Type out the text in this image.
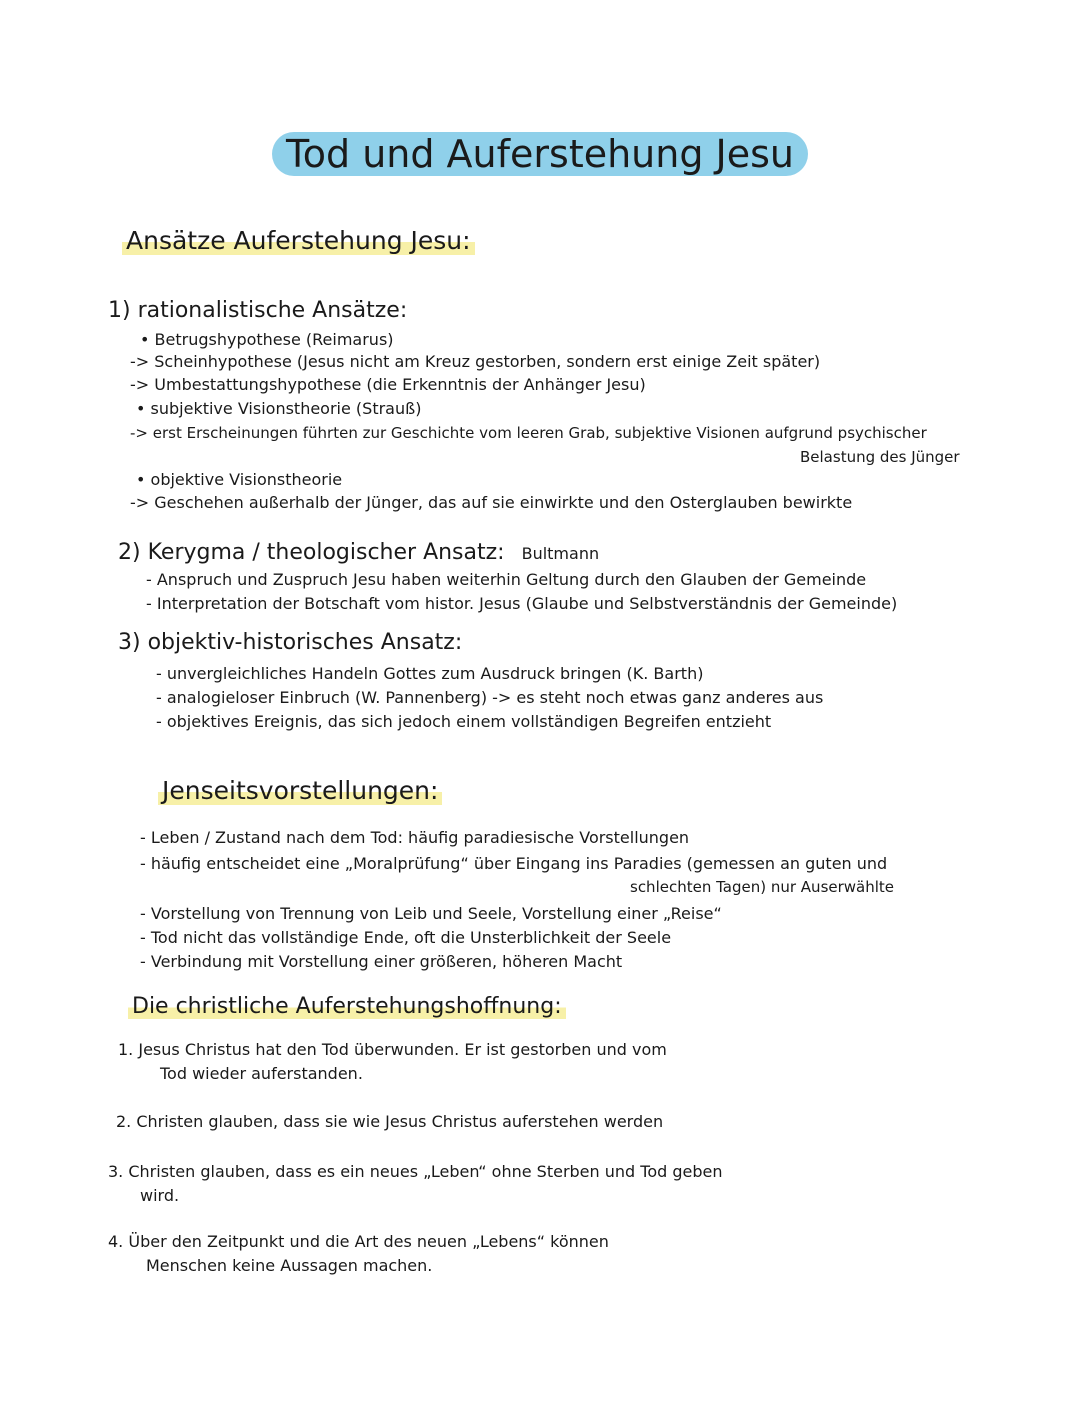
Tod und Auferstehung Jesu
Ansätze Auferstehung Jesu:
1) rationalistische Ansätze:
• Betrugshypothese (Reimarus)
-> Scheinhypothese (Jesus nicht am Kreuz gestorben, sondern erst einige Zeit später)
-> Umbestattungshypothese (die Erkenntnis der Anhänger Jesu)
• subjektive Visionstheorie (Strauß)
-> erst Erscheinungen führten zur Geschichte vom leeren Grab, subjektive Visionen aufgrund psychischer
Belastung des Jünger
• objektive Visionstheorie
-> Geschehen außerhalb der Jünger, das auf sie einwirkte und den Osterglauben bewirkte
2) Kerygma / theologischer Ansatz: Bultmann
- Anspruch und Zuspruch Jesu haben weiterhin Geltung durch den Glauben der Gemeinde
- Interpretation der Botschaft vom histor. Jesus (Glaube und Selbstverständnis der Gemeinde)
3) objektiv-historisches Ansatz:
- unvergleichliches Handeln Gottes zum Ausdruck bringen (K. Barth)
- analogieloser Einbruch (W. Pannenberg) -> es steht noch etwas ganz anderes aus
- objektives Ereignis, das sich jedoch einem vollständigen Begreifen entzieht
Jenseitsvorstellungen:
- Leben / Zustand nach dem Tod: häufig paradiesische Vorstellungen
- häufig entscheidet eine „Moralprüfung“ über Eingang ins Paradies (gemessen an guten und
schlechten Tagen) nur Auserwählte
- Vorstellung von Trennung von Leib und Seele, Vorstellung einer „Reise“
- Tod nicht das vollständige Ende, oft die Unsterblichkeit der Seele
- Verbindung mit Vorstellung einer größeren, höheren Macht
Die christliche Auferstehungshoffnung:
1. Jesus Christus hat den Tod überwunden. Er ist gestorben und vom
Tod wieder auferstanden.
2. Christen glauben, dass sie wie Jesus Christus auferstehen werden
3. Christen glauben, dass es ein neues „Leben“ ohne Sterben und Tod geben
wird.
4. Über den Zeitpunkt und die Art des neuen „Lebens“ können
Menschen keine Aussagen machen.
